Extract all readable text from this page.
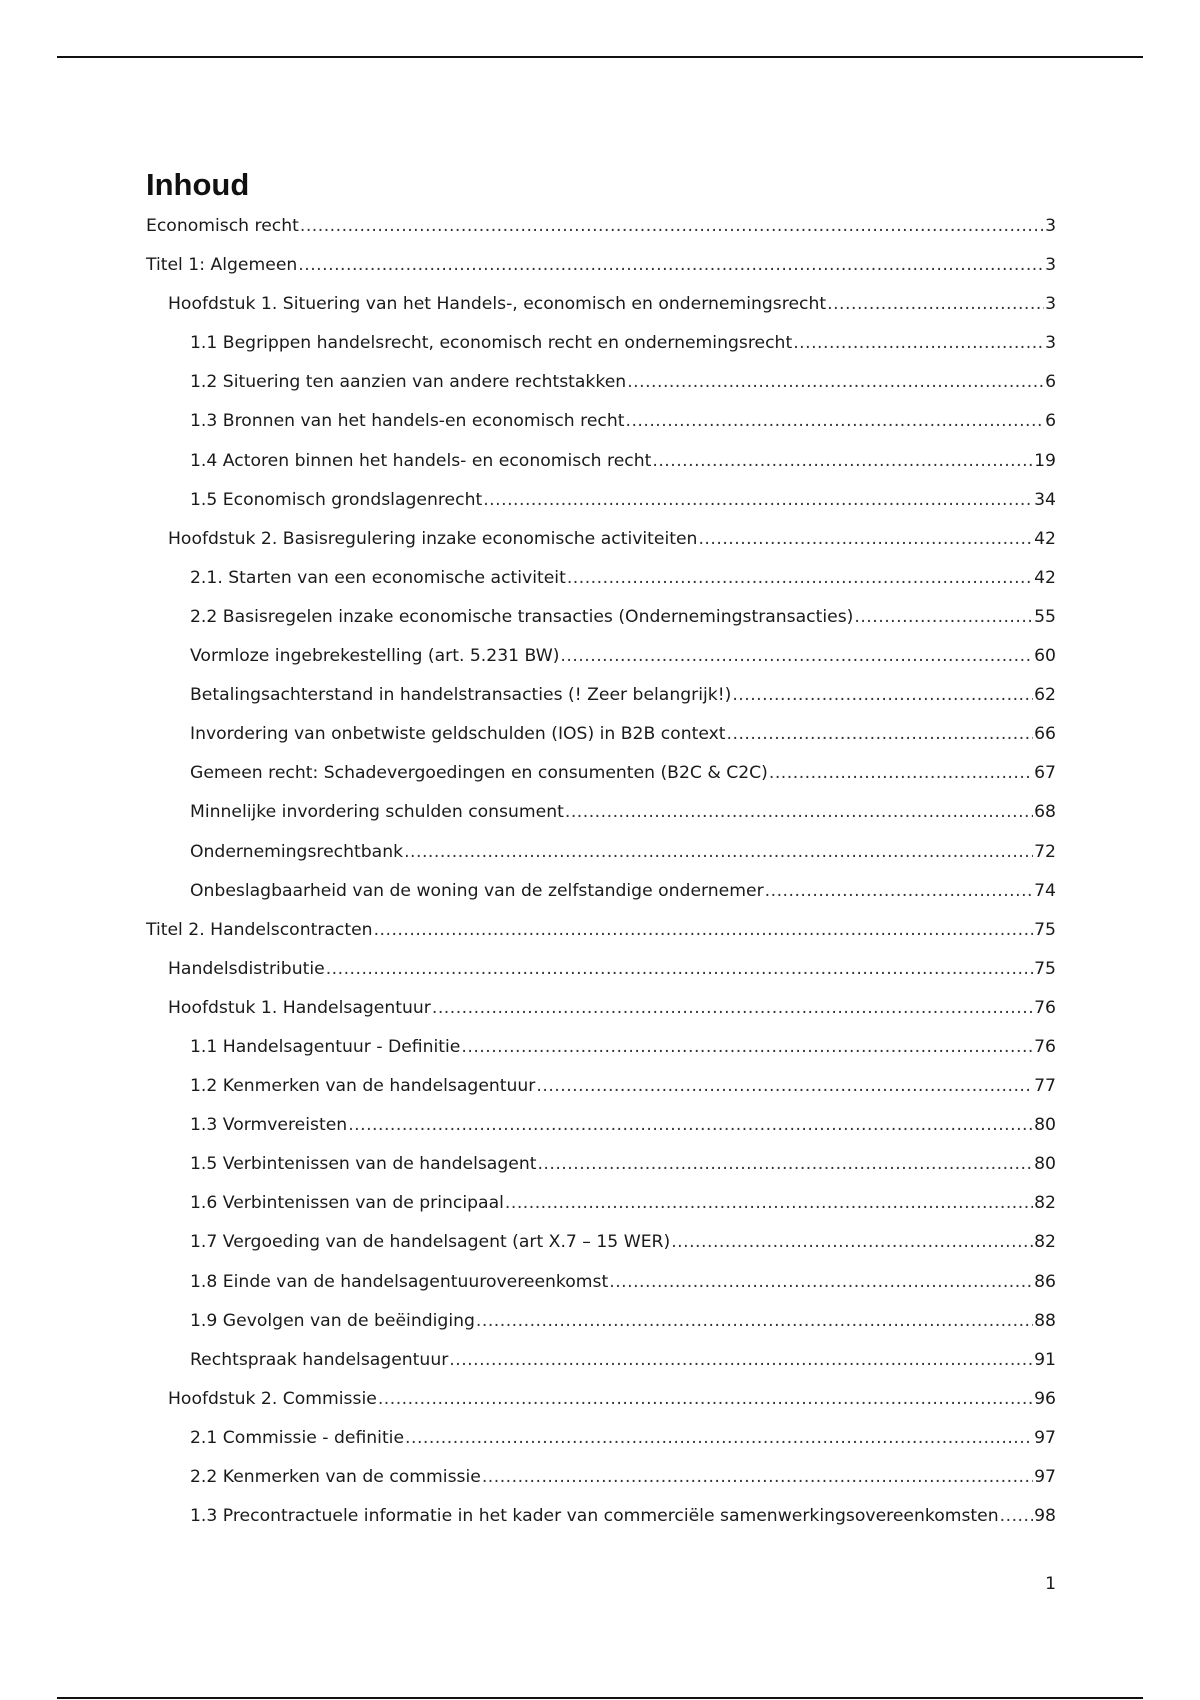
Inhoud
Economisch recht .....	3
Titel 1: Algemeen .....	3
Hoofdstuk 1. Situering van het Handels-, economisch en ondernemingsrecht .....	3
1.1 Begrippen handelsrecht, economisch recht en ondernemingsrecht .....	3
1.2 Situering ten aanzien van andere rechtstakken .....	6
1.3 Bronnen van het handels-en economisch recht .....	6
1.4 Actoren binnen het handels- en economisch recht .....	19
1.5 Economisch grondslagenrecht .....	34
Hoofdstuk 2. Basisregulering inzake economische activiteiten .....	42
2.1. Starten van een economische activiteit .....	42
2.2 Basisregelen inzake economische transacties (Ondernemingstransacties) .....	55
Vormloze ingebrekestelling (art. 5.231 BW) .....	60
Betalingsachterstand in handelstransacties (! Zeer belangrijk!) .....	62
Invordering van onbetwiste geldschulden (IOS) in B2B context .....	66
Gemeen recht: Schadevergoedingen en consumenten (B2C & C2C) .....	67
Minnelijke invordering schulden consument .....	68
Ondernemingsrechtbank .....	72
Onbeslagbaarheid van de woning van de zelfstandige ondernemer .....	74
Titel 2. Handelscontracten .....	75
Handelsdistributie .....	75
Hoofdstuk 1. Handelsagentuur .....	76
1.1 Handelsagentuur - Definitie .....	76
1.2 Kenmerken van de handelsagentuur .....	77
1.3 Vormvereisten .....	80
1.5 Verbintenissen van de handelsagent .....	80
1.6 Verbintenissen van de principaal .....	82
1.7 Vergoeding van de handelsagent (art X.7 – 15 WER) .....	82
1.8 Einde van de handelsagentuurovereenkomst .....	86
1.9 Gevolgen van de beëindiging .....	88
Rechtspraak handelsagentuur .....	91
Hoofdstuk 2. Commissie .....	96
2.1 Commissie - definitie .....	97
2.2 Kenmerken van de commissie .....	97
1.3 Precontractuele informatie in het kader van commerciële samenwerkingsovereenkomsten ..... 98
1
